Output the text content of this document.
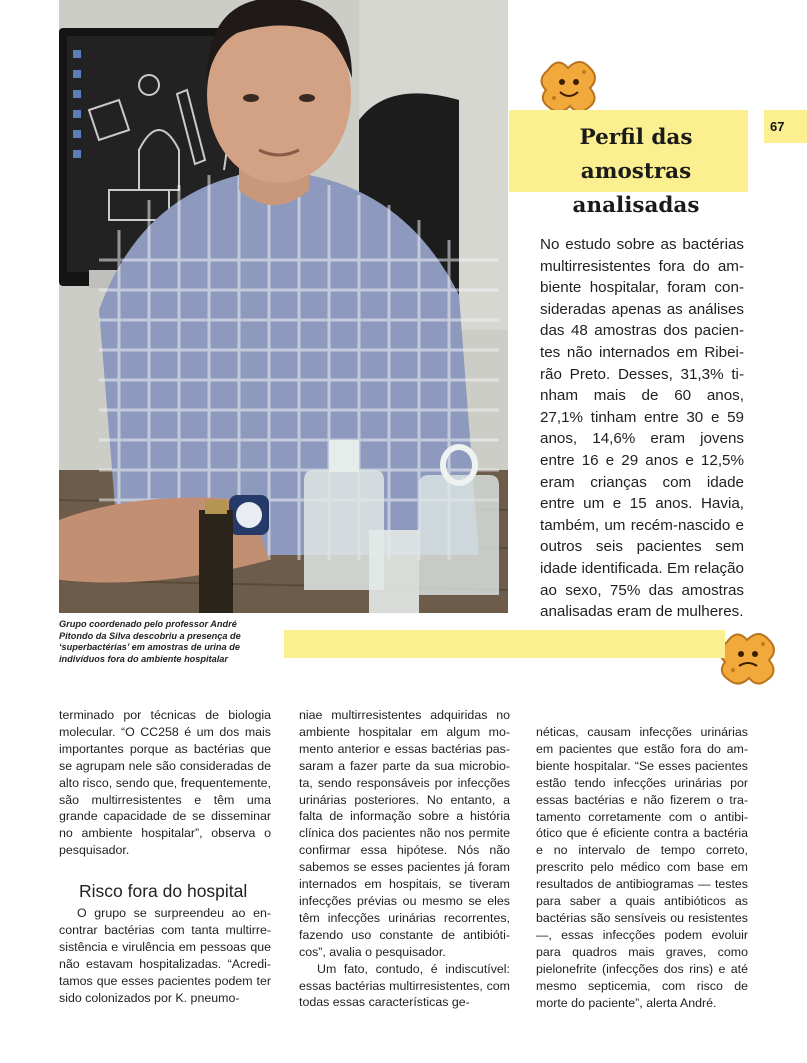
Grupo coordenado pelo professor André Pitondo da Silva descobriu a presença de ‘superbactérias’ em amostras de urina de indivíduos fora do ambiente hospitalar
67
Perfil das amostras analisadas

No estudo sobre as bactérias multirresistentes fora do ambiente hospitalar, foram consideradas apenas as análises das 48 amostras dos pacientes não internados em Ribeirão Preto. Desses, 31,3% tinham mais de 60 anos, 27,1% tinham entre 30 e 59 anos, 14,6% eram jovens entre 16 e 29 anos e 12,5% eram crianças com idade entre um e 15 anos. Havia, também, um recém-nascido e outros seis pacientes sem idade identificada. Em relação ao sexo, 75% das amostras analisadas eram de mulheres.

terminado por técnicas de biologia molecular. “O CC258 é um dos mais importantes porque as bactérias que se agrupam nele são consideradas de alto risco, sendo que, frequentemente, são multirresistentes e têm uma grande capacidade de se disseminar no ambiente hospitalar”, observa o pesquisador.

Risco fora do hospital

O grupo se surpreendeu ao encontrar bactérias com tanta multirresistência e virulência em pessoas que não estavam hospitalizadas. “Acreditamos que esses pacientes podem ter sido colonizados por K. pneumo-

niae multirresistentes adquiridas no ambiente hospitalar em algum momento anterior e essas bactérias passaram a fazer parte da sua microbiota, sendo responsáveis por infecções urinárias posteriores. No entanto, a falta de informação sobre a história clínica dos pacientes não nos permite confirmar essa hipótese. Nós não sabemos se esses pacientes já foram internados em hospitais, se tiveram infecções prévias ou mesmo se eles têm infecções urinárias recorrentes, fazendo uso constante de antibióticos”, avalia o pesquisador.

Um fato, contudo, é indiscutível: essas bactérias multirresistentes, com todas essas características ge-

néticas, causam infecções urinárias em pacientes que estão fora do ambiente hospitalar. “Se esses pacientes estão tendo infecções urinárias por essas bactérias e não fizerem o tratamento corretamente com o antibiótico que é eficiente contra a bactéria e no intervalo de tempo correto, prescrito pelo médico com base em resultados de antibiogramas — testes para saber a quais antibióticos as bactérias são sensíveis ou resistentes —, essas infecções podem evoluir para quadros mais graves, como pielonefrite (infecções dos rins) e até mesmo septicemia, com risco de morte do paciente”, alerta André.
